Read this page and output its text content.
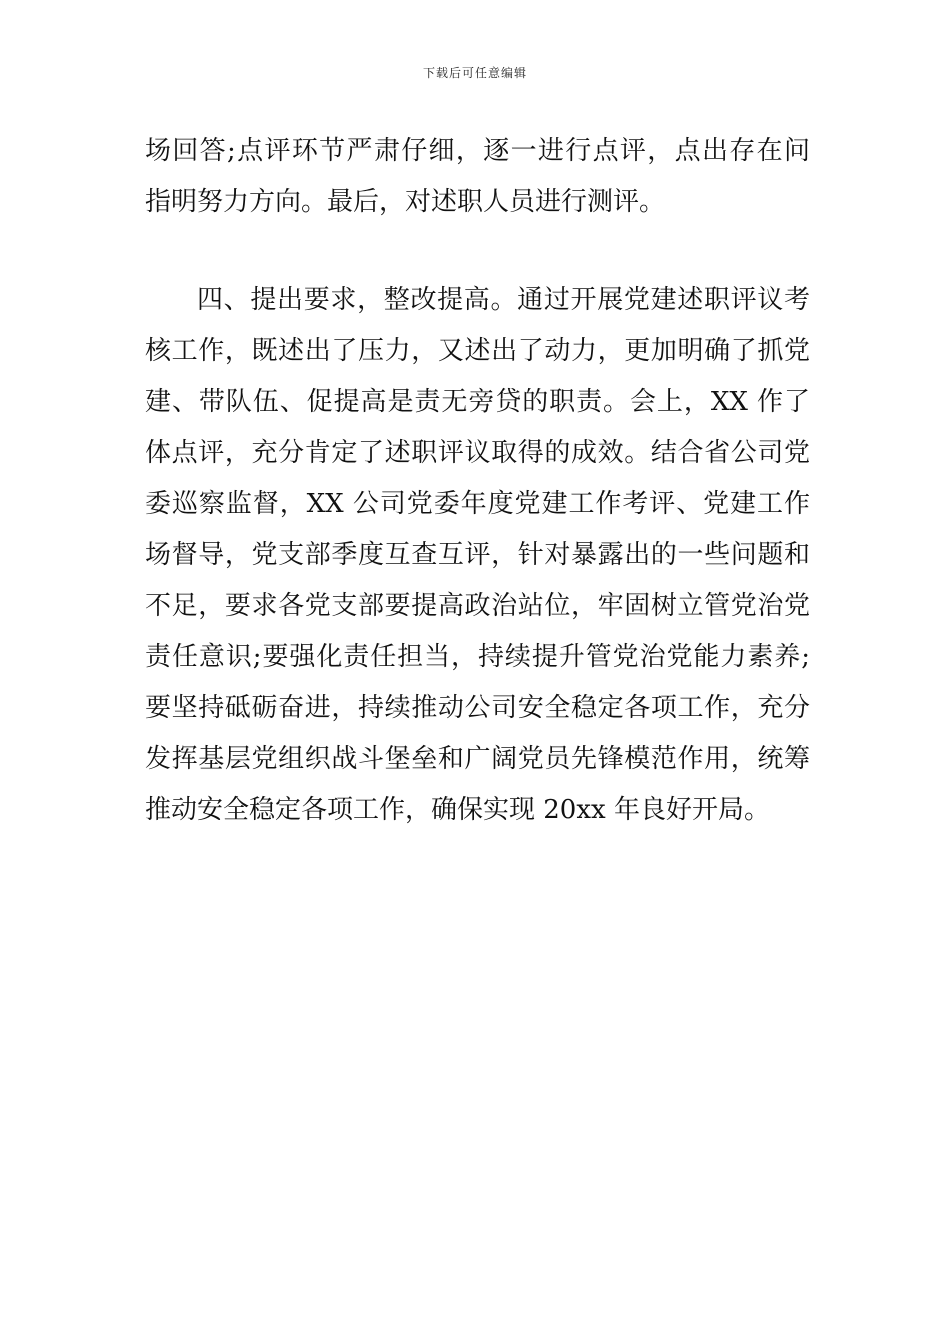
下载后可任意编辑
场回答;点评环节严肃仔细，逐一进行点评，点出存在问
指明努力方向。最后，对述职人员进行测评。
四、提出要求，整改提高。通过开展党建述职评议考
核工作，既述出了压力，又述出了动力，更加明确了抓党
建、带队伍、促提高是责无旁贷的职责。会上，XX 作了
体点评，充分肯定了述职评议取得的成效。结合省公司党
委巡察监督，XX 公司党委年度党建工作考评、党建工作
场督导，党支部季度互查互评，针对暴露出的一些问题和
不足，要求各党支部要提高政治站位，牢固树立管党治党
责任意识;要强化责任担当，持续提升管党治党能力素养;
要坚持砥砺奋进，持续推动公司安全稳定各项工作，充分
发挥基层党组织战斗堡垒和广阔党员先锋模范作用，统筹
推动安全稳定各项工作，确保实现 20xx 年良好开局。
